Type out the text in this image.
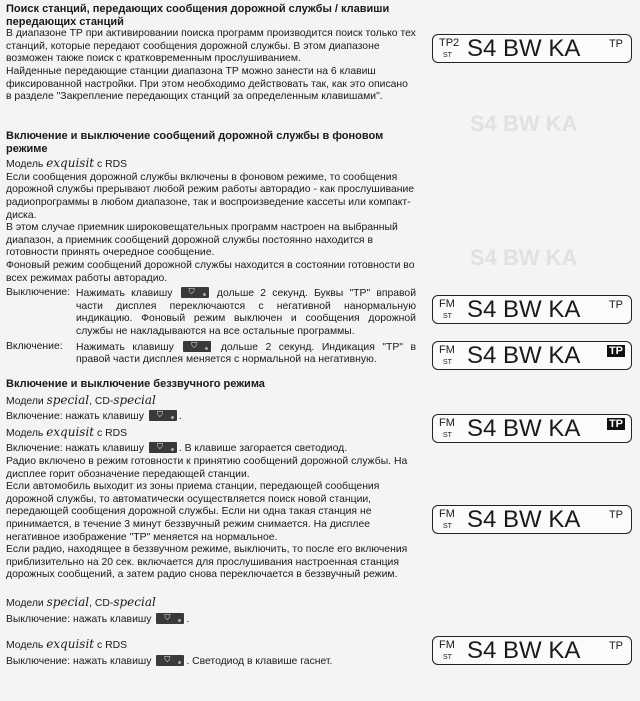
S4 BW KA
S4 BW KA
Поиск станций, передающих сообщения дорожной службы / клавиши передающих станций

В диапазоне ТР при активировании поиска программ производится поиск только тех станций, которые передают сообщения дорожной службы. В этом диапазоне возможен также поиск с кратковременным прослушиванием.

Найденные передающие станции диапазона ТР можно занести на 6 клавиш фиксированной настройки. При этом необходимо действовать так, как это описано в разделе "Закрепление передающих станций за определенным клавишами".

Включение и выключение сообщений дорожной службы в фоновом режиме
Модель exquisit с RDS

Если сообщения дорожной службы включены в фоновом режиме, то сообщения дорожной службы прерывают любой режим работы авторадио - как прослушивание радиопрограммы в любом диапазоне, так и воспроизведение кассеты или компакт-диска.

В этом случае приемник широковещательных программ настроен на выбранный диапазон, а приемник сообщений дорожной службы постоянно находится в готовности принять очередное сообщение.

Фоновый режим сообщений дорожной службы находится в состоянии готовности во всех режимах работы авторадио.

Выключение: Нажимать клавишу ⛉ дольше 2 секунд. Буквы "ТР" вправой части дисплея переключаются с негативной нанормальную индикацию. Фоновый режим выключен и сообщения дорожной службы не накладываются на все остальные программы.
Включение:	Нажимать клавишу ⛉ дольше 2 секунд. Индикация "ТР" в правой части дисплея меняется с нормальной на негативную.
Включение и выключение беззвучного режима
Модели special, CD-special
Включение: нажать клавишу ⛉ .
Модель exquisit с RDS
Включение: нажать клавишу ⛉ . В клавише загорается светодиод.

Радио включено в режим готовности к принятию сообщений дорожной службы. На дисплее горит обозначение передающей станции.

Если автомобиль выходит из зоны приема станции, передающей сообщения дорожной службы, то автоматически осуществляется поиск новой станции, передающей сообщения дорожной службы. Если ни одна такая станция не принимается, в течение 3 минут беззвучный режим снимается. На дисплее негативное изображение "ТР" меняется на нормальное.

Если радио, находящее в беззвучном режиме, выключить, то после его включения приблизительно на 20 сек. включается для прослушивания настроенная станция дорожных сообщений, а затем радио снова переключается в беззвучный режим.

Модели special, CD-special
Выключение: нажать клавишу ⛉ .
Модель exquisit с RDS
Выключение: нажать клавишу ⛉ . Светодиод в клавише гаснет.
TP2
ST S4 BW KA	TP
FM
ST S4 BW KA	TP
FM
ST S4 BW KA	TP
FM
ST S4 BW KA	TP
FM
ST S4 BW KA	TP
FM
ST S4 BW KA	TP
